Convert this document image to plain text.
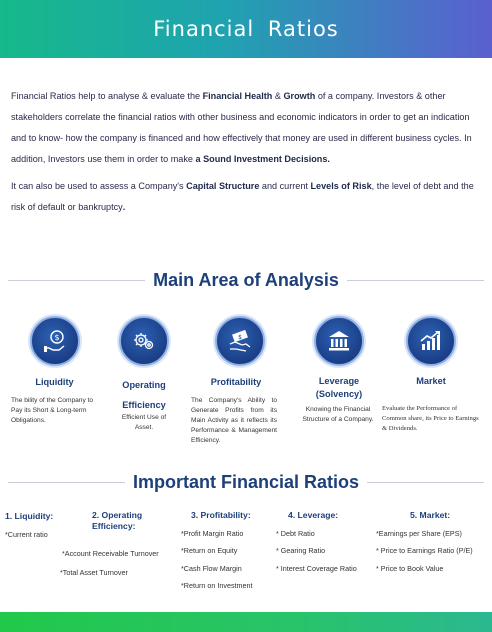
Financial Ratios

Financial Ratios help to analyse & evaluate the Financial Health & Growth of a company. Investors & other stakeholders correlate the financial ratios with other business and economic indicators in order to get an indication and to know- how the company is financed and how effectively that money are used in different business cycles. In addition, Investors use them in order to make a Sound Investment Decisions.

It can also be used to assess a Company's Capital Structure and current Levels of Risk, the level of debt and the risk of default or bankruptcy.

Main Area of Analysis
$	$
Liquidity	Operating Efficiency
Profitability	Leverage (Solvency)
Market
The bility of the Company to Pay its Short & Long-term Obligations.	Efficient Use of Asset.
The Company's Ability to Generate Profits from its Main Activity as it reflects its Performance & Management Efficiency.
Knowing the Financial Structure of a Company.
Evaluate the Performance of Common share, its Price to Earnings & Dividends.
Important Financial Ratios
1. Liquidity:	2. Operating Efficiency:
3. Profitability:	4. Leverage:	5. Market:
*Current ratio
*Account Receivable Turnover
*Total Asset Turnover
*Profit Margin Ratio
*Return on Equity
*Cash Flow Margin
*Return on Investment
* Debt Ratio
* Gearing Ratio
* Interest Coverage Ratio
*Earnings per Share (EPS)
* Price to Earnings Ratio (P/E)
* Price to Book Value
